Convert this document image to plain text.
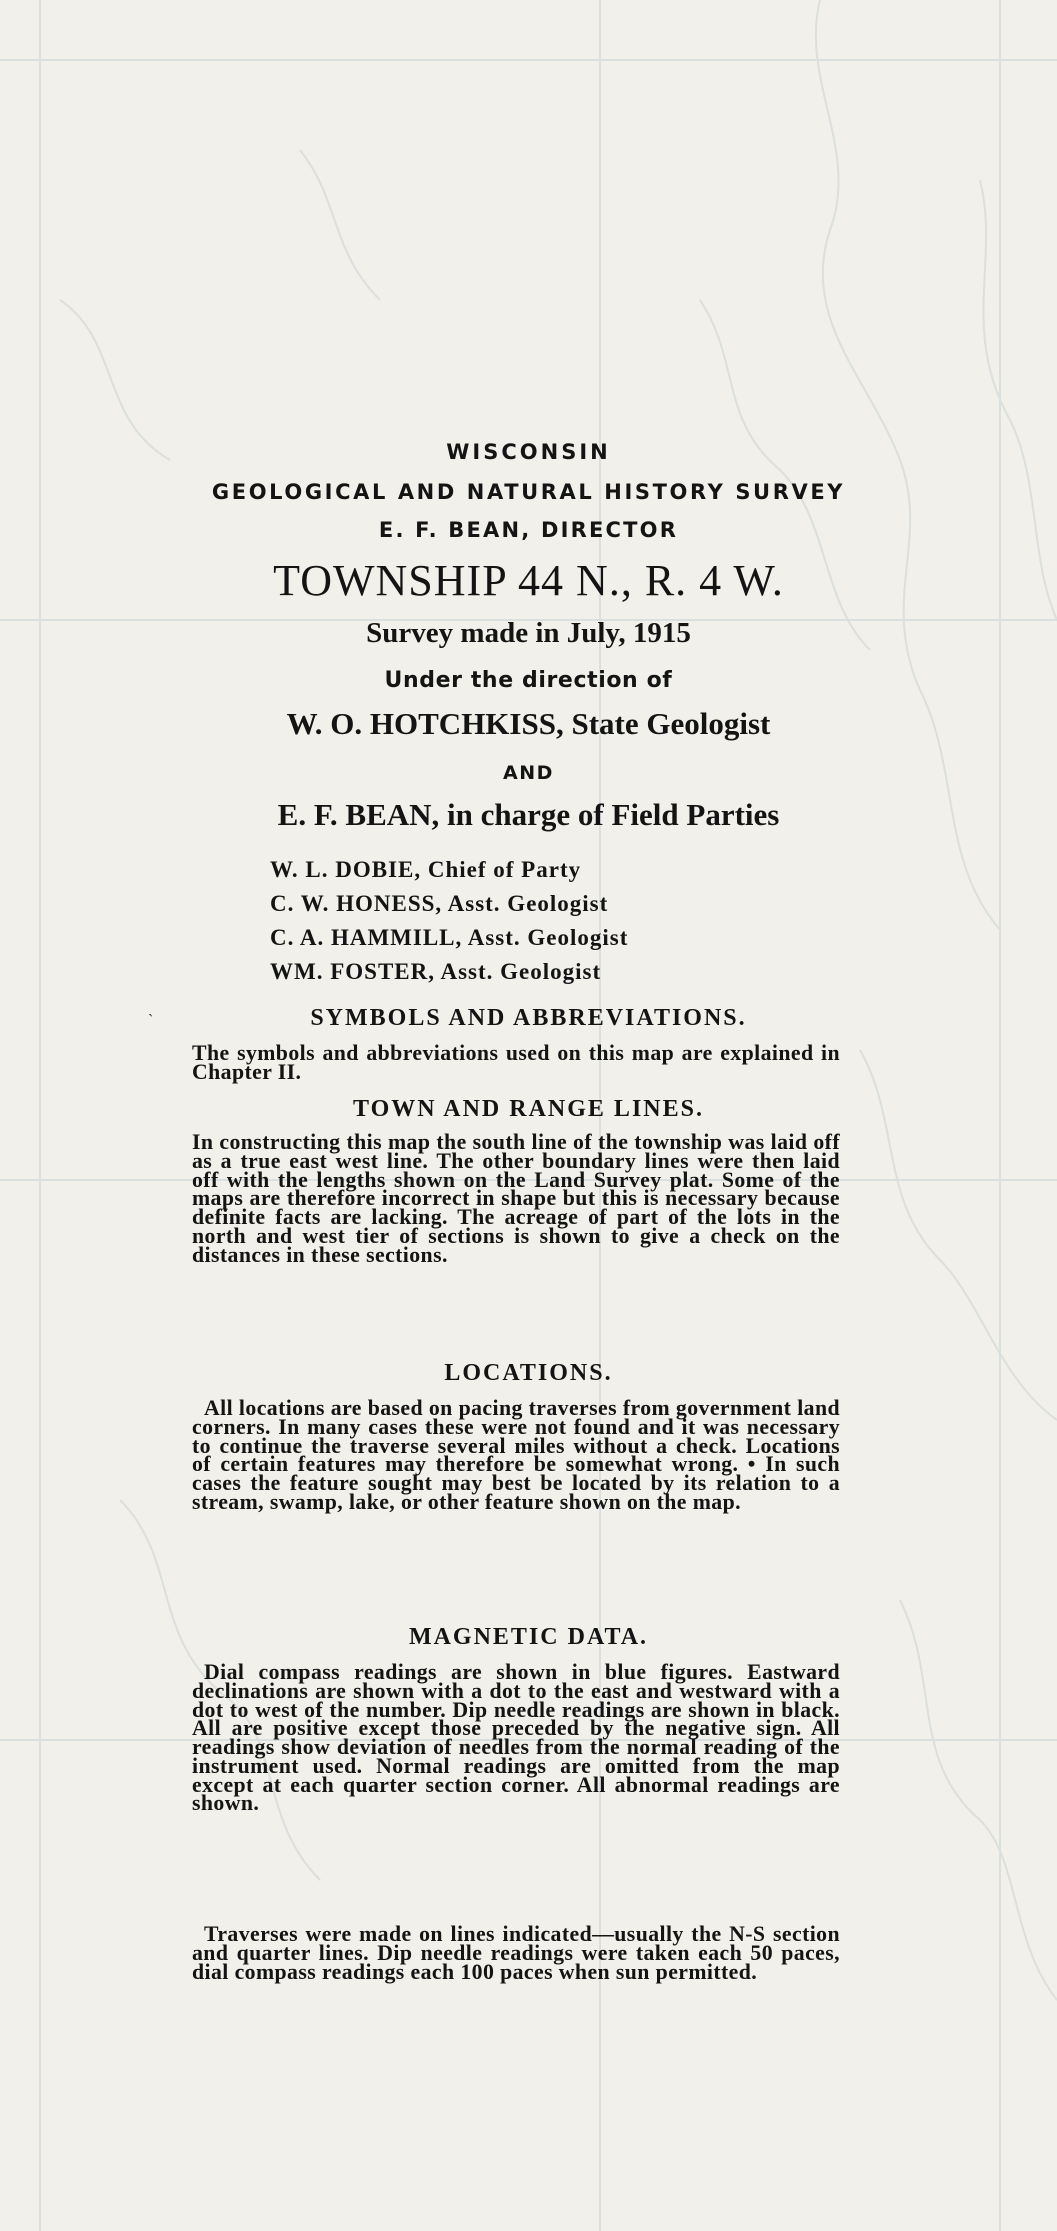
WISCONSIN
GEOLOGICAL AND NATURAL HISTORY SURVEY
E. F. BEAN, DIRECTOR
TOWNSHIP 44 N., R. 4 W.
Survey made in July, 1915
Under the direction of
W. O. HOTCHKISS, State Geologist
AND
E. F. BEAN, in charge of Field Parties
W. L. DOBIE, Chief of Party
C. W. HONESS, Asst. Geologist
C. A. HAMMILL, Asst. Geologist
WM. FOSTER, Asst. Geologist
`	SYMBOLS AND ABBREVIATIONS.
The symbols and abbreviations used on this map are explained in Chapter II.
TOWN AND RANGE LINES.
In constructing this map the south line of the township was laid off as a true east west line. The other boundary lines were then laid off with the lengths shown on the Land Survey plat. Some of the maps are therefore incorrect in shape but this is necessary because definite facts are lacking. The acreage of part of the lots in the north and west tier of sections is shown to give a check on the distances in these sections.
LOCATIONS.
All locations are based on pacing traverses from government land corners. In many cases these were not found and it was necessary to continue the traverse several miles without a check. Locations of certain features may therefore be somewhat wrong. • In such cases the feature sought may best be located by its relation to a stream, swamp, lake, or other feature shown on the map.
MAGNETIC DATA.
Dial compass readings are shown in blue figures. Eastward declinations are shown with a dot to the east and westward with a dot to west of the number. Dip needle readings are shown in black. All are positive except those preceded by the negative sign. All readings show deviation of needles from the normal reading of the instrument used. Normal readings are omitted from the map except at each quarter section corner. All abnormal readings are shown.
Traverses were made on lines indicated—usually the N-S section and quarter lines. Dip needle readings were taken each 50 paces, dial compass readings each 100 paces when sun permitted.
